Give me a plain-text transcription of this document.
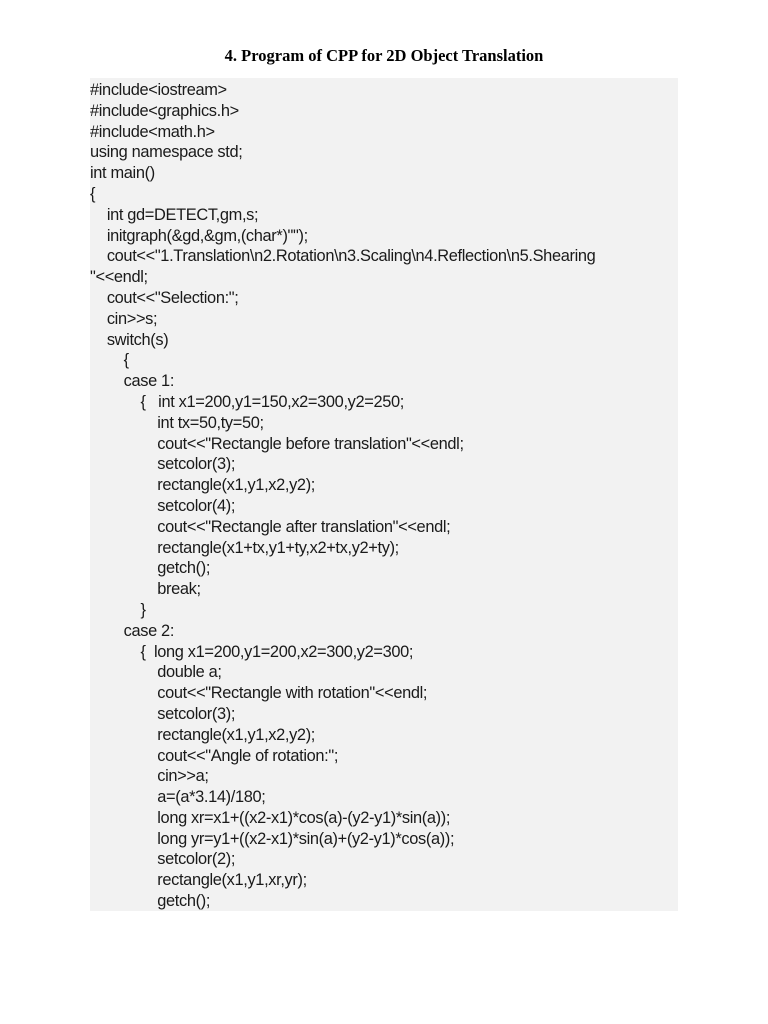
4. Program of CPP for 2D Object Translation
#include<iostream>
#include<graphics.h>
#include<math.h>
using namespace std;
int main()
{
int gd=DETECT,gm,s;
initgraph(&gd,&gm,(char*)"");
cout<<"1.Translation\n2.Rotation\n3.Scaling\n4.Reflection\n5.Shearing
"<<endl;
cout<<"Selection:";
cin>>s;
switch(s)
{
case 1:
{   int x1=200,y1=150,x2=300,y2=250;
int tx=50,ty=50;
cout<<"Rectangle before translation"<<endl;
setcolor(3);
rectangle(x1,y1,x2,y2);
setcolor(4);
cout<<"Rectangle after translation"<<endl;
rectangle(x1+tx,y1+ty,x2+tx,y2+ty);
getch();
break;
}
case 2:
{  long x1=200,y1=200,x2=300,y2=300;
double a;
cout<<"Rectangle with rotation"<<endl;
setcolor(3);
rectangle(x1,y1,x2,y2);
cout<<"Angle of rotation:";
cin>>a;
a=(a*3.14)/180;
long xr=x1+((x2-x1)*cos(a)-(y2-y1)*sin(a));
long yr=y1+((x2-x1)*sin(a)+(y2-y1)*cos(a));
setcolor(2);
rectangle(x1,y1,xr,yr);
getch();
